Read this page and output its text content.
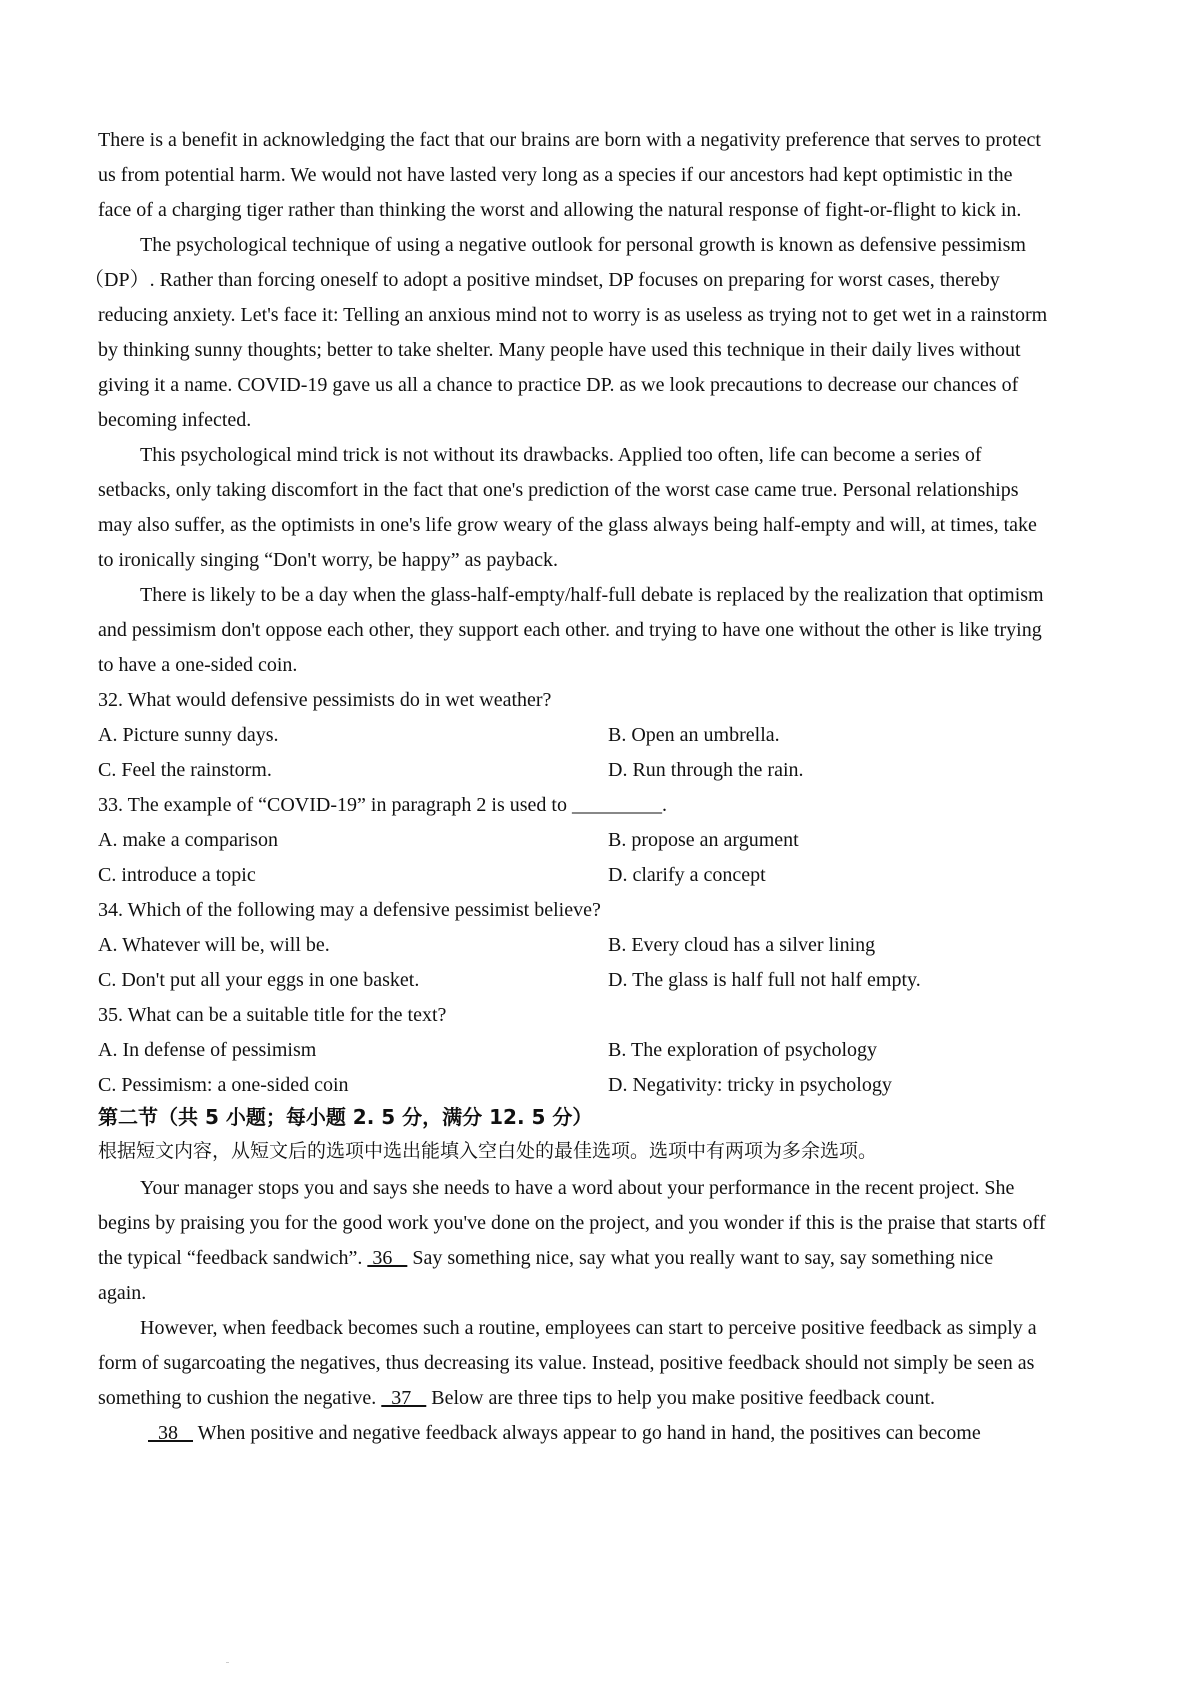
There is a benefit in acknowledging the fact that our brains are born with a negativity preference that serves to protect
us from potential harm. We would not have lasted very long as a species if our ancestors had kept optimistic in the
face of a charging tiger rather than thinking the worst and allowing the natural response of fight-or-flight to kick in.
The psychological technique of using a negative outlook for personal growth is known as defensive pessimism
（DP）. Rather than forcing oneself to adopt a positive mindset, DP focuses on preparing for worst cases, thereby
reducing anxiety. Let's face it: Telling an anxious mind not to worry is as useless as trying not to get wet in a rainstorm
by thinking sunny thoughts; better to take shelter. Many people have used this technique in their daily lives without
giving it a name. COVID-19 gave us all a chance to practice DP. as we look precautions to decrease our chances of
becoming infected.
This psychological mind trick is not without its drawbacks. Applied too often, life can become a series of
setbacks, only taking discomfort in the fact that one's prediction of the worst case came true. Personal relationships
may also suffer, as the optimists in one's life grow weary of the glass always being half-empty and will, at times, take
to ironically singing “Don't worry, be happy” as payback.
There is likely to be a day when the glass-half-empty/half-full debate is replaced by the realization that optimism
and pessimism don't oppose each other, they support each other. and trying to have one without the other is like trying
to have a one-sided coin.
32. What would defensive pessimists do in wet weather?
A. Picture sunny days.	B. Open an umbrella.
C. Feel the rainstorm.	D. Run through the rain.
33. The example of “COVID-19” in paragraph 2 is used to _________.
A. make a comparison	B. propose an argument
C. introduce a topic	D. clarify a concept
34. Which of the following may a defensive pessimist believe?
A. Whatever will be, will be.	B. Every cloud has a silver lining
C. Don't put all your eggs in one basket.	D. The glass is half full not half empty.
35. What can be a suitable title for the text?
A. In defense of pessimism	B. The exploration of psychology
C. Pessimism: a one-sided coin	D. Negativity: tricky in psychology
第二节（共 5 小题；每小题 2. 5 分，满分 12. 5 分）
根据短文内容，从短文后的选项中选出能填入空白处的最佳选项。选项中有两项为多余选项。
Your manager stops you and says she needs to have a word about your performance in the recent project. She
begins by praising you for the good work you've done on the project, and you wonder if this is the praise that starts off
the typical “feedback sandwich”.  36    Say something nice, say what you really want to say, say something nice
again.
However, when feedback becomes such a routine, employees can start to perceive positive feedback as simply a
form of sugarcoating the negatives, thus decreasing its value. Instead, positive feedback should not simply be seen as
something to cushion the negative.   37    Below are three tips to help you make positive feedback count.
38    When positive and negative feedback always appear to go hand in hand, the positives can become
